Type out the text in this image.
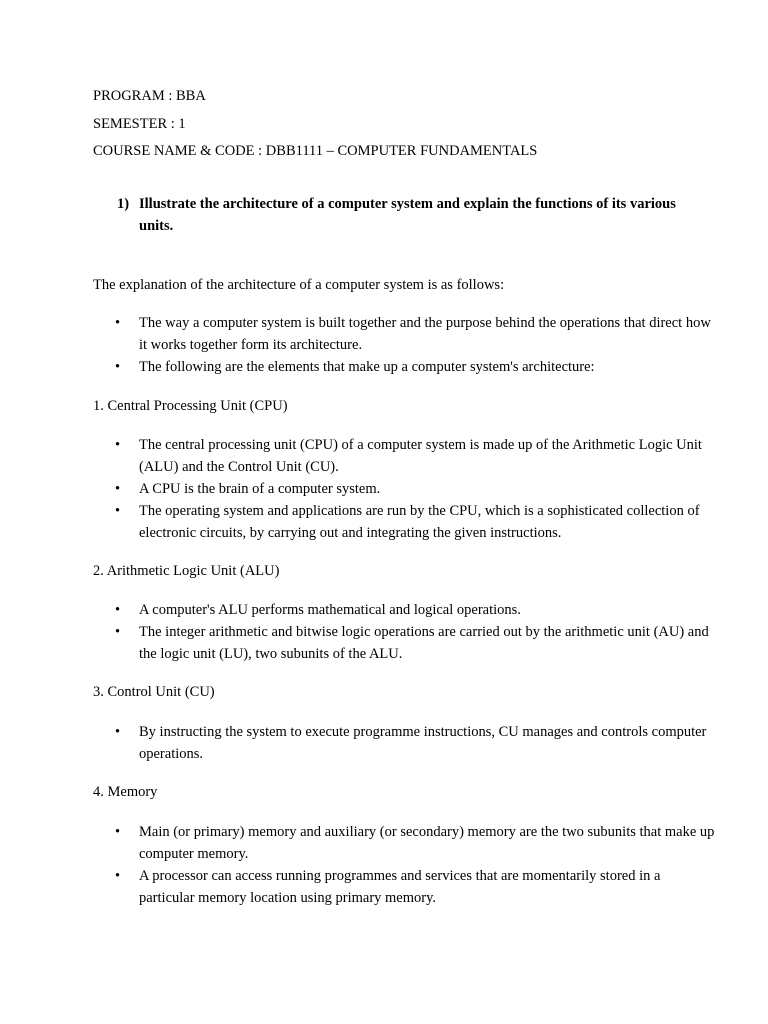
PROGRAM : BBA
SEMESTER : 1
COURSE NAME & CODE : DBB1111 – COMPUTER FUNDAMENTALS
1) Illustrate the architecture of a computer system and explain the functions of its various units.
The explanation of the architecture of a computer system is as follows:
• The way a computer system is built together and the purpose behind the operations that direct how it works together form its architecture.
• The following are the elements that make up a computer system's architecture:
1. Central Processing Unit (CPU)
• The central processing unit (CPU) of a computer system is made up of the Arithmetic Logic Unit (ALU) and the Control Unit (CU).
• A CPU is the brain of a computer system.
• The operating system and applications are run by the CPU, which is a sophisticated collection of electronic circuits, by carrying out and integrating the given instructions.
2. Arithmetic Logic Unit (ALU)
• A computer's ALU performs mathematical and logical operations.
• The integer arithmetic and bitwise logic operations are carried out by the arithmetic unit (AU) and the logic unit (LU), two subunits of the ALU.
3. Control Unit (CU)
• By instructing the system to execute programme instructions, CU manages and controls computer operations.
4. Memory
• Main (or primary) memory and auxiliary (or secondary) memory are the two subunits that make up computer memory.
• A processor can access running programmes and services that are momentarily stored in a particular memory location using primary memory.
